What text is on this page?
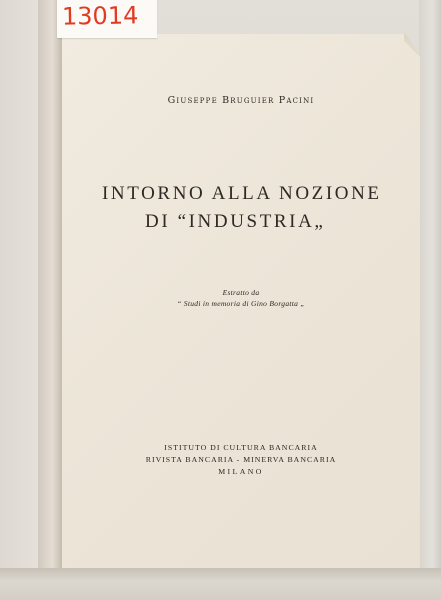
13014
Giuseppe Bruguier Pacini
INTORNO ALLA NOZIONE
DI “INDUSTRIA„
Estratto da
“ Studi in memoria di Gino Borgatta „
ISTITUTO DI CULTURA BANCARIA
RIVISTA BANCARIA - MINERVA BANCARIA
MILANO
